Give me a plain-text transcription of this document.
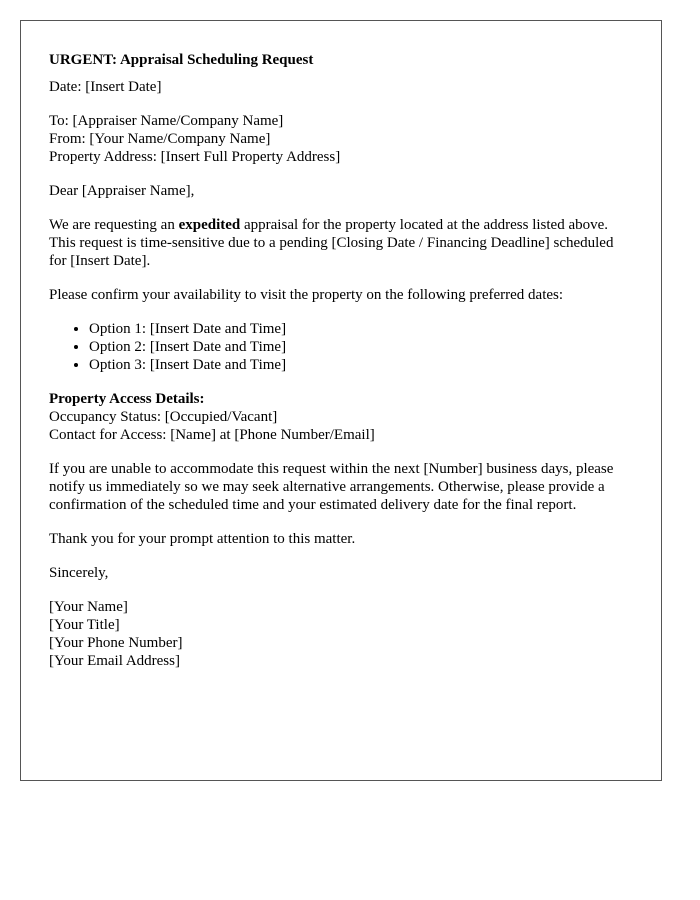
URGENT: Appraisal Scheduling Request

Date: [Insert Date]

To: [Appraiser Name/Company Name]
From: [Your Name/Company Name]
Property Address: [Insert Full Property Address]

Dear [Appraiser Name],

We are requesting an expedited appraisal for the property located at the address listed above. This request is time-sensitive due to a pending [Closing Date / Financing Deadline] scheduled for [Insert Date].

Please confirm your availability to visit the property on the following preferred dates:

• Option 1: [Insert Date and Time]
• Option 2: [Insert Date and Time]
• Option 3: [Insert Date and Time]

Property Access Details:
Occupancy Status: [Occupied/Vacant]
Contact for Access: [Name] at [Phone Number/Email]

If you are unable to accommodate this request within the next [Number] business days, please notify us immediately so we may seek alternative arrangements. Otherwise, please provide a confirmation of the scheduled time and your estimated delivery date for the final report.

Thank you for your prompt attention to this matter.

Sincerely,

[Your Name]
[Your Title]
[Your Phone Number]
[Your Email Address]
